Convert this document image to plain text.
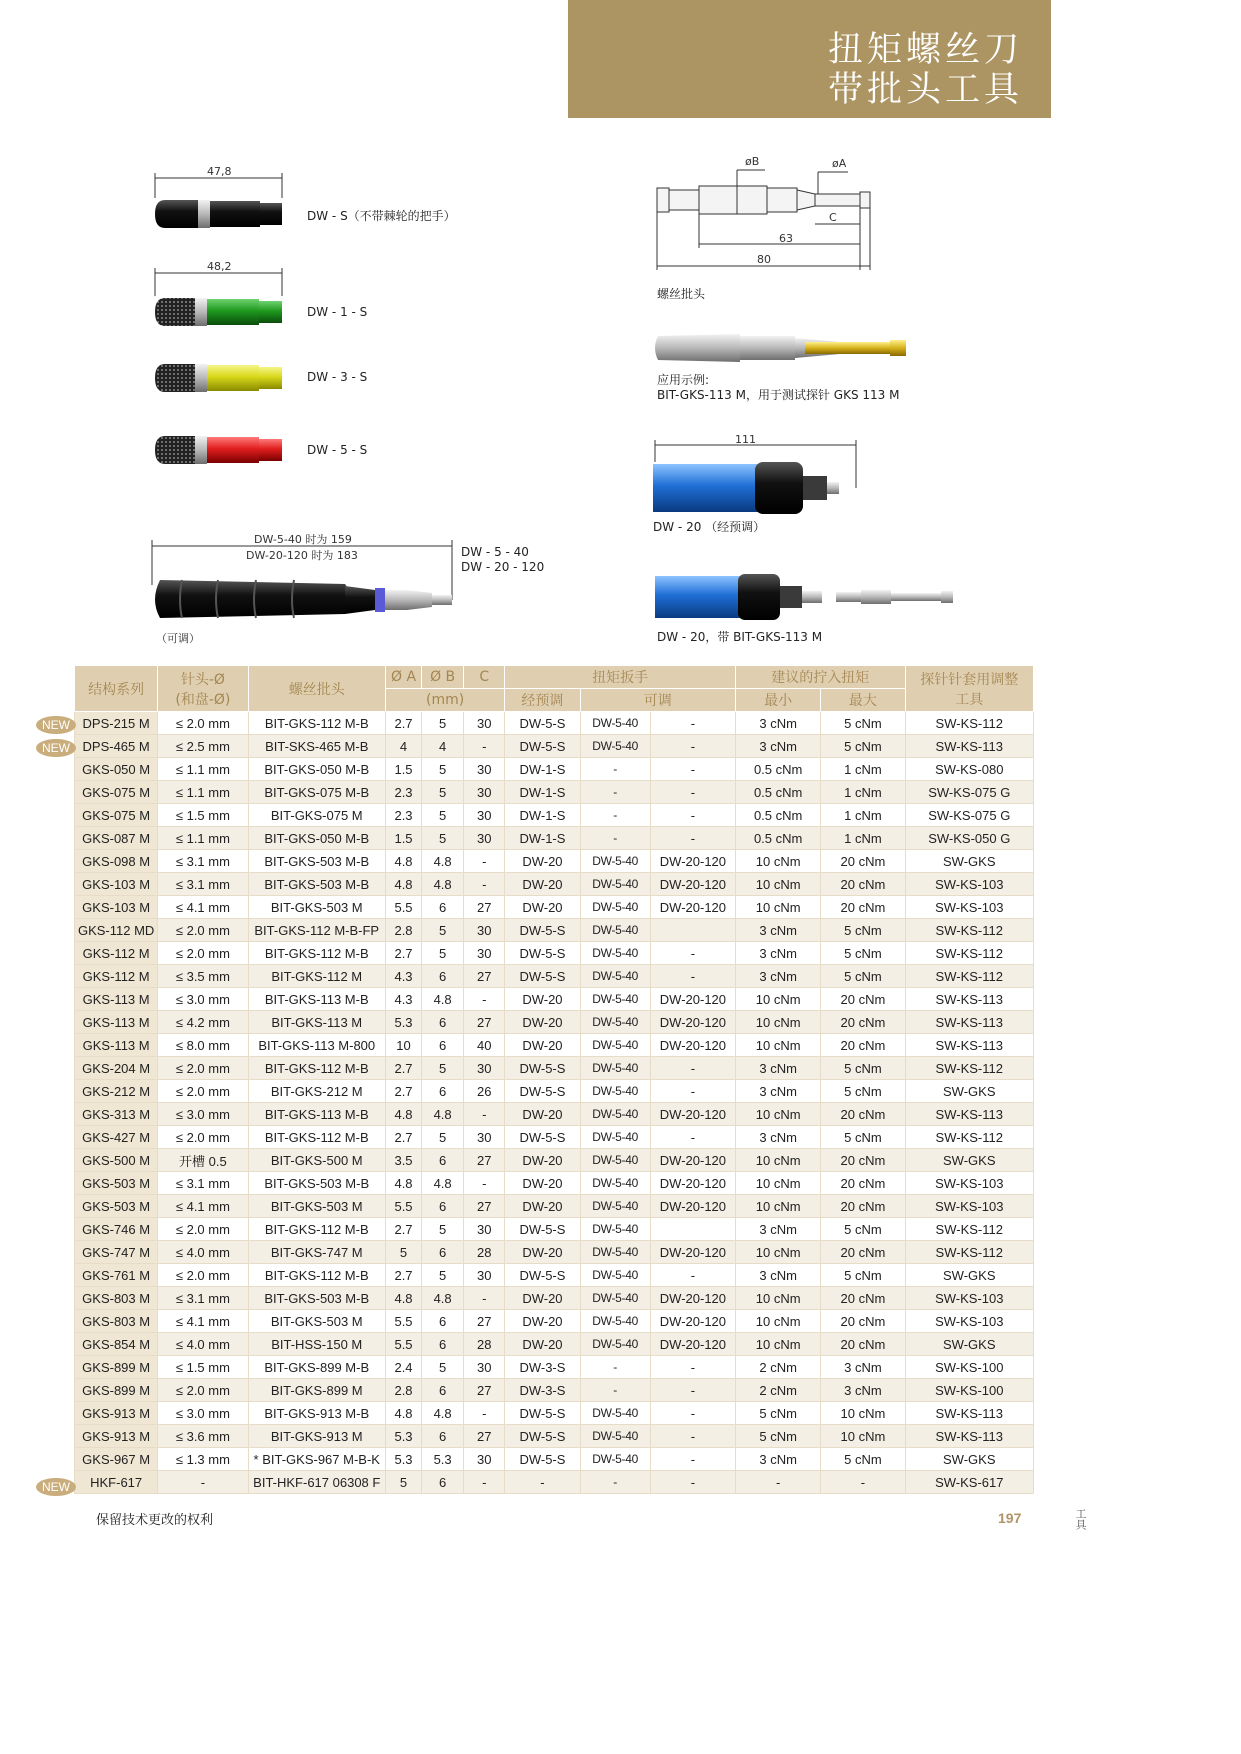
扭矩螺丝刀
带批头工具
47,8
DW - S（不带棘轮的把手）
48,2
DW - 1 - S
DW - 3 - S
DW - 5 - S
DW-5-40 时为 159
DW-20-120 时为 183	DW - 5 - 40
DW - 20 - 120
（可调）
øB	øA
C
63
80
螺丝批头
应用示例:
BIT-GKS-113 M，用于测试探针 GKS 113 M
111
DW - 20 （经预调）
DW - 20，带 BIT-GKS-113 M
结构系列	针头-Ø
(和盘-Ø)	螺丝批头	Ø A	Ø B	C	扭矩扳手			建议的拧入扭矩		探针针套用调整
工具
			(mm)			经预调	可调		最小	最大	
DPS-215 M	≤ 2.0 mm	BIT-GKS-112 M-B	2.7	5	30	DW-5-S	DW-5-40	-	3 cNm	5 cNm	SW-KS-112
DPS-465 M	≤ 2.5 mm	BIT-SKS-465 M-B	4	4	-	DW-5-S	DW-5-40	-	3 cNm	5 cNm	SW-KS-113
GKS-050 M	≤ 1.1 mm	BIT-GKS-050 M-B	1.5	5	30	DW-1-S	-	-	0.5 cNm	1 cNm	SW-KS-080
GKS-075 M	≤ 1.1 mm	BIT-GKS-075 M-B	2.3	5	30	DW-1-S	-	-	0.5 cNm	1 cNm	SW-KS-075 G
GKS-075 M	≤ 1.5 mm	BIT-GKS-075 M	2.3	5	30	DW-1-S	-	-	0.5 cNm	1 cNm	SW-KS-075 G
GKS-087 M	≤ 1.1 mm	BIT-GKS-050 M-B	1.5	5	30	DW-1-S	-	-	0.5 cNm	1 cNm	SW-KS-050 G
GKS-098 M	≤ 3.1 mm	BIT-GKS-503 M-B	4.8	4.8	-	DW-20	DW-5-40	DW-20-120	10 cNm	20 cNm	SW-GKS
GKS-103 M	≤ 3.1 mm	BIT-GKS-503 M-B	4.8	4.8	-	DW-20	DW-5-40	DW-20-120	10 cNm	20 cNm	SW-KS-103
GKS-103 M	≤ 4.1 mm	BIT-GKS-503 M	5.5	6	27	DW-20	DW-5-40	DW-20-120	10 cNm	20 cNm	SW-KS-103
GKS-112 MD	≤ 2.0 mm	BIT-GKS-112 M-B-FP	2.8	5	30	DW-5-S	DW-5-40		3 cNm	5 cNm	SW-KS-112
GKS-112 M	≤ 2.0 mm	BIT-GKS-112 M-B	2.7	5	30	DW-5-S	DW-5-40	-	3 cNm	5 cNm	SW-KS-112
GKS-112 M	≤ 3.5 mm	BIT-GKS-112 M	4.3	6	27	DW-5-S	DW-5-40	-	3 cNm	5 cNm	SW-KS-112
GKS-113 M	≤ 3.0 mm	BIT-GKS-113 M-B	4.3	4.8	-	DW-20	DW-5-40	DW-20-120	10 cNm	20 cNm	SW-KS-113
GKS-113 M	≤ 4.2 mm	BIT-GKS-113 M	5.3	6	27	DW-20	DW-5-40	DW-20-120	10 cNm	20 cNm	SW-KS-113
GKS-113 M	≤ 8.0 mm	BIT-GKS-113 M-800	10	6	40	DW-20	DW-5-40	DW-20-120	10 cNm	20 cNm	SW-KS-113
GKS-204 M	≤ 2.0 mm	BIT-GKS-112 M-B	2.7	5	30	DW-5-S	DW-5-40	-	3 cNm	5 cNm	SW-KS-112
GKS-212 M	≤ 2.0 mm	BIT-GKS-212 M	2.7	6	26	DW-5-S	DW-5-40	-	3 cNm	5 cNm	SW-GKS
GKS-313 M	≤ 3.0 mm	BIT-GKS-113 M-B	4.8	4.8	-	DW-20	DW-5-40	DW-20-120	10 cNm	20 cNm	SW-KS-113
GKS-427 M	≤ 2.0 mm	BIT-GKS-112 M-B	2.7	5	30	DW-5-S	DW-5-40	-	3 cNm	5 cNm	SW-KS-112
GKS-500 M	开槽 0.5	BIT-GKS-500 M	3.5	6	27	DW-20	DW-5-40	DW-20-120	10 cNm	20 cNm	SW-GKS
GKS-503 M	≤ 3.1 mm	BIT-GKS-503 M-B	4.8	4.8	-	DW-20	DW-5-40	DW-20-120	10 cNm	20 cNm	SW-KS-103
GKS-503 M	≤ 4.1 mm	BIT-GKS-503 M	5.5	6	27	DW-20	DW-5-40	DW-20-120	10 cNm	20 cNm	SW-KS-103
GKS-746 M	≤ 2.0 mm	BIT-GKS-112 M-B	2.7	5	30	DW-5-S	DW-5-40		3 cNm	5 cNm	SW-KS-112
GKS-747 M	≤ 4.0 mm	BIT-GKS-747 M	5	6	28	DW-20	DW-5-40	DW-20-120	10 cNm	20 cNm	SW-KS-112
GKS-761 M	≤ 2.0 mm	BIT-GKS-112 M-B	2.7	5	30	DW-5-S	DW-5-40	-	3 cNm	5 cNm	SW-GKS
GKS-803 M	≤ 3.1 mm	BIT-GKS-503 M-B	4.8	4.8	-	DW-20	DW-5-40	DW-20-120	10 cNm	20 cNm	SW-KS-103
GKS-803 M	≤ 4.1 mm	BIT-GKS-503 M	5.5	6	27	DW-20	DW-5-40	DW-20-120	10 cNm	20 cNm	SW-KS-103
GKS-854 M	≤ 4.0 mm	BIT-HSS-150 M	5.5	6	28	DW-20	DW-5-40	DW-20-120	10 cNm	20 cNm	SW-GKS
GKS-899 M	≤ 1.5 mm	BIT-GKS-899 M-B	2.4	5	30	DW-3-S	-	-	2 cNm	3 cNm	SW-KS-100
GKS-899 M	≤ 2.0 mm	BIT-GKS-899 M	2.8	6	27	DW-3-S	-	-	2 cNm	3 cNm	SW-KS-100
GKS-913 M	≤ 3.0 mm	BIT-GKS-913 M-B	4.8	4.8	-	DW-5-S	DW-5-40	-	5 cNm	10 cNm	SW-KS-113
GKS-913 M	≤ 3.6 mm	BIT-GKS-913 M	5.3	6	27	DW-5-S	DW-5-40	-	5 cNm	10 cNm	SW-KS-113
GKS-967 M	≤ 1.3 mm	* BIT-GKS-967 M-B-K	5.3	5.3	30	DW-5-S	DW-5-40	-	3 cNm	5 cNm	SW-GKS
HKF-617	-	BIT-HKF-617 06308 F	5	6	-	-	-	-	-	-	SW-KS-617
NEW
NEW
NEW
保留技术更改的权利	197	工具
